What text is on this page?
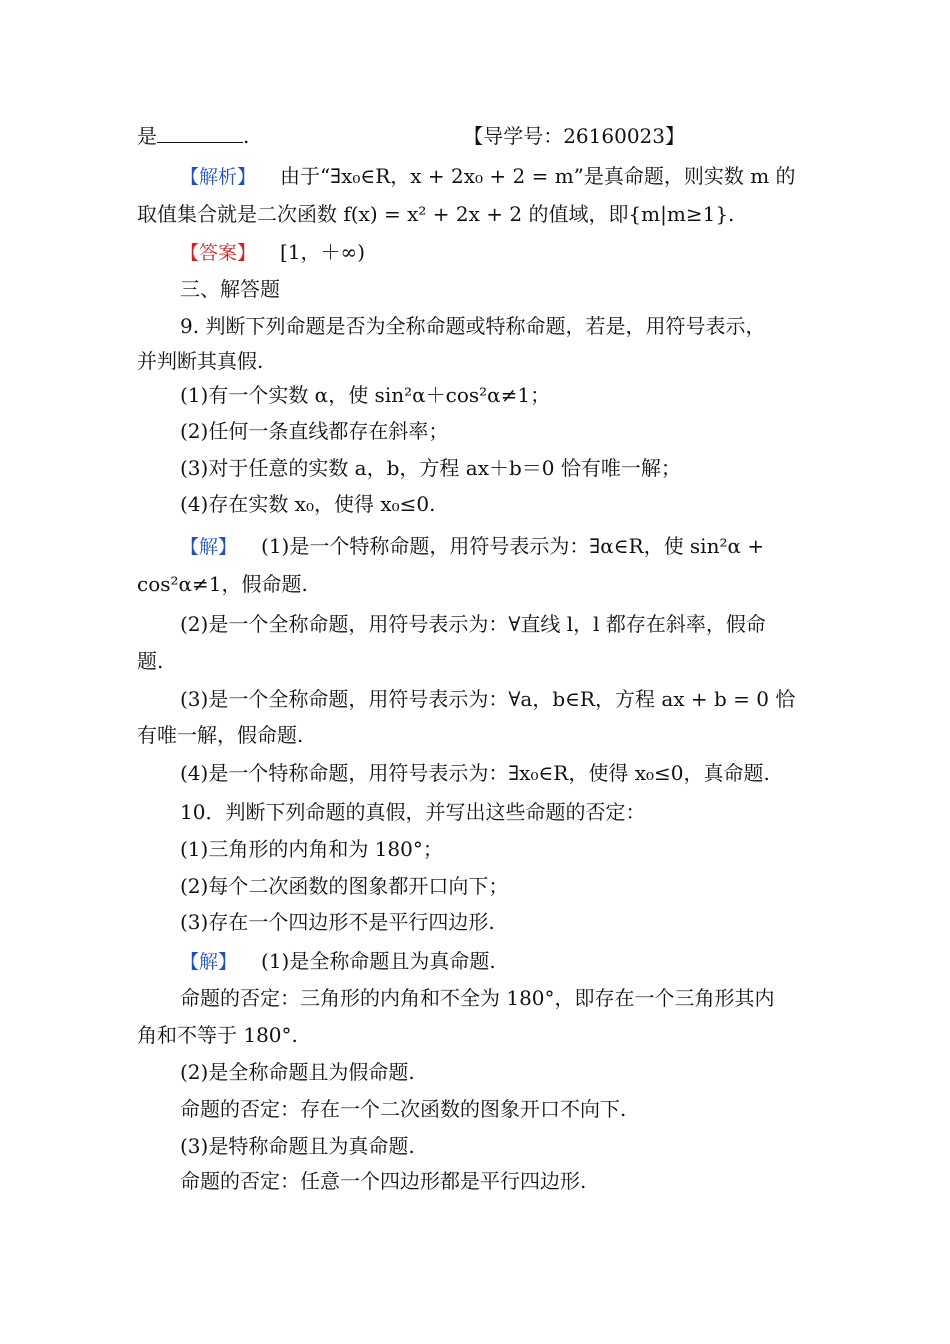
是	.	【导学号：26160023】
【解析】 由于“∃x₀∈R，x + 2x₀ + 2 = m”是真命题，则实数 m 的
取值集合就是二次函数 f(x) = x² + 2x + 2 的值域，即{m|m≥1}.
【答案】 [1，＋∞)
三、解答题
9. 判断下列命题是否为全称命题或特称命题，若是，用符号表示，
并判断其真假.
(1)有一个实数 α，使 sin²α＋cos²α≠1；
(2)任何一条直线都存在斜率；
(3)对于任意的实数 a，b，方程 ax＋b＝0 恰有唯一解；
(4)存在实数 x₀，使得 x₀≤0.
【解】 (1)是一个特称命题，用符号表示为：∃α∈R，使 sin²α +
cos²α≠1，假命题.
(2)是一个全称命题，用符号表示为：∀直线 l，l 都存在斜率，假命
题.
(3)是一个全称命题，用符号表示为：∀a，b∈R，方程 ax + b = 0 恰
有唯一解，假命题.
(4)是一个特称命题，用符号表示为：∃x₀∈R，使得 x₀≤0，真命题.
10．判断下列命题的真假，并写出这些命题的否定：
(1)三角形的内角和为 180°；
(2)每个二次函数的图象都开口向下；
(3)存在一个四边形不是平行四边形.
【解】 (1)是全称命题且为真命题.
命题的否定：三角形的内角和不全为 180°，即存在一个三角形其内
角和不等于 180°.
(2)是全称命题且为假命题.
命题的否定：存在一个二次函数的图象开口不向下.
(3)是特称命题且为真命题.
命题的否定：任意一个四边形都是平行四边形.
